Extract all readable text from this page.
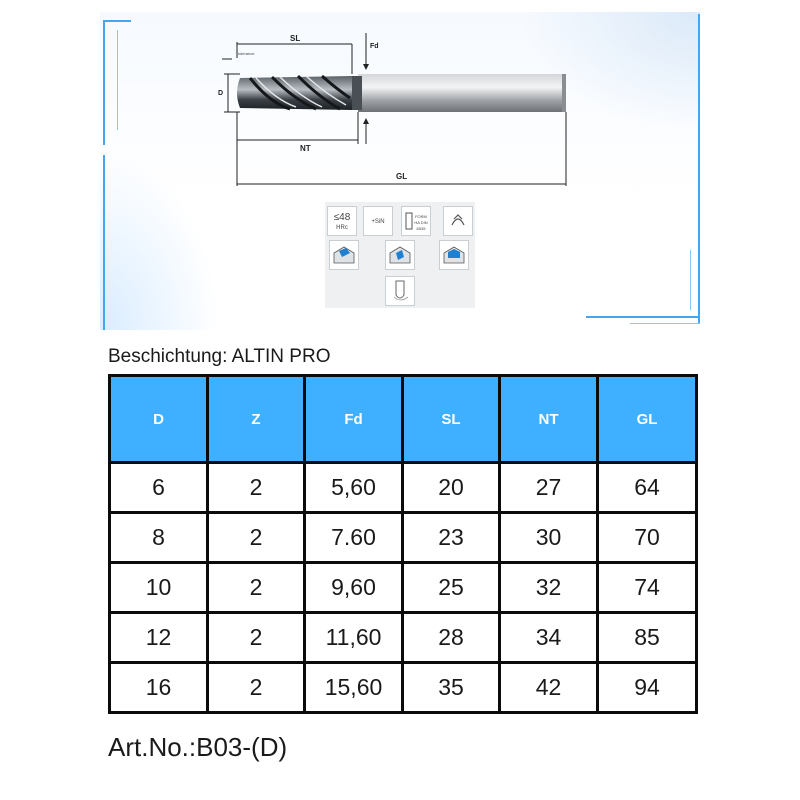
SL
Fd
tolerance
D
NT
GL
≤48
HRc
+SiN
FORM
HA DIN
6535
Beschichtung: ALTIN PRO
D	Z	Fd	SL	NT	GL
6	2	5,60	20	27	64
8	2	7.60	23	30	70
10	2	9,60	25	32	74
12	2	11,60	28	34	85
16	2	15,60	35	42	94
Art.No.:B03-(D)
